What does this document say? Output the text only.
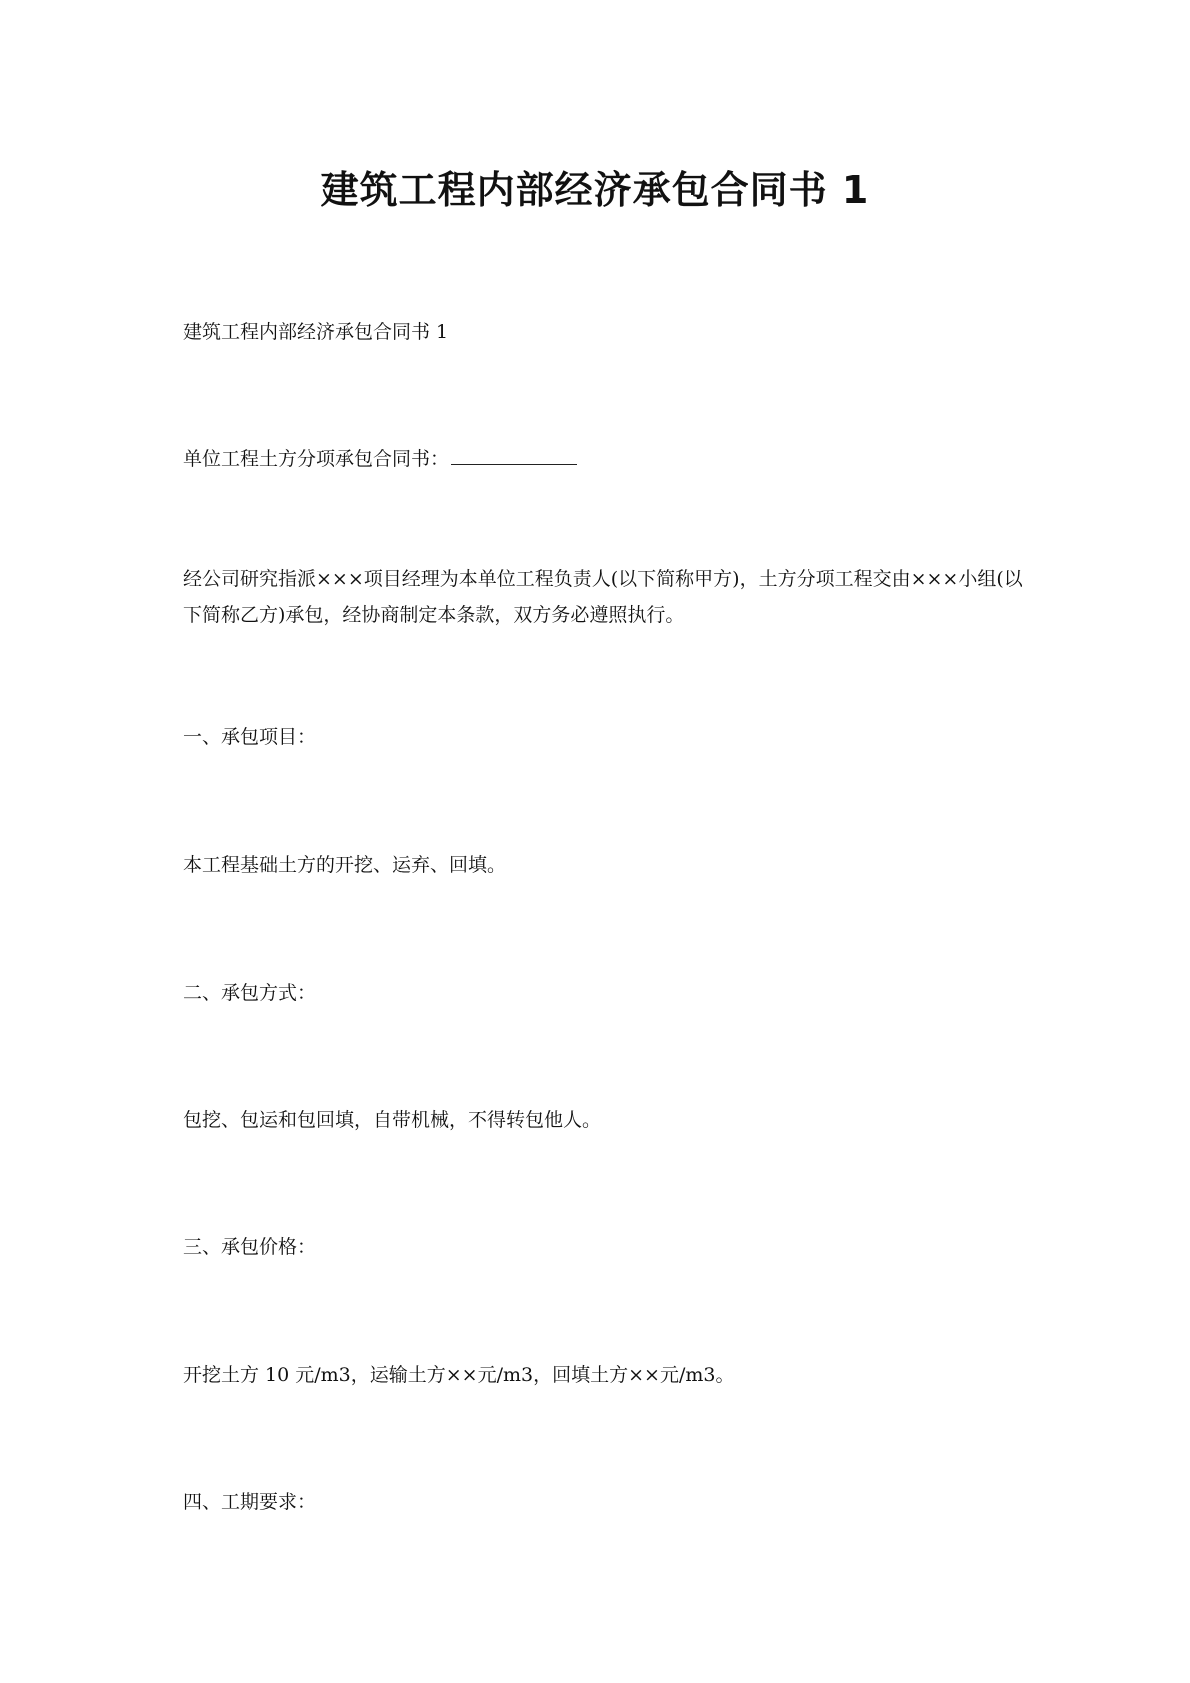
建筑工程内部经济承包合同书 1
建筑工程内部经济承包合同书 1
单位工程土方分项承包合同书：
经公司研究指派×××项目经理为本单位工程负责人(以下简称甲方)，土方分项工程交由×××小组(以下简称乙方)承包，经协商制定本条款，双方务必遵照执行。
一、承包项目：
本工程基础土方的开挖、运弃、回填。
二、承包方式：
包挖、包运和包回填，自带机械，不得转包他人。
三、承包价格：
开挖土方 10 元/m3，运输土方××元/m3，回填土方××元/m3。
四、工期要求：
